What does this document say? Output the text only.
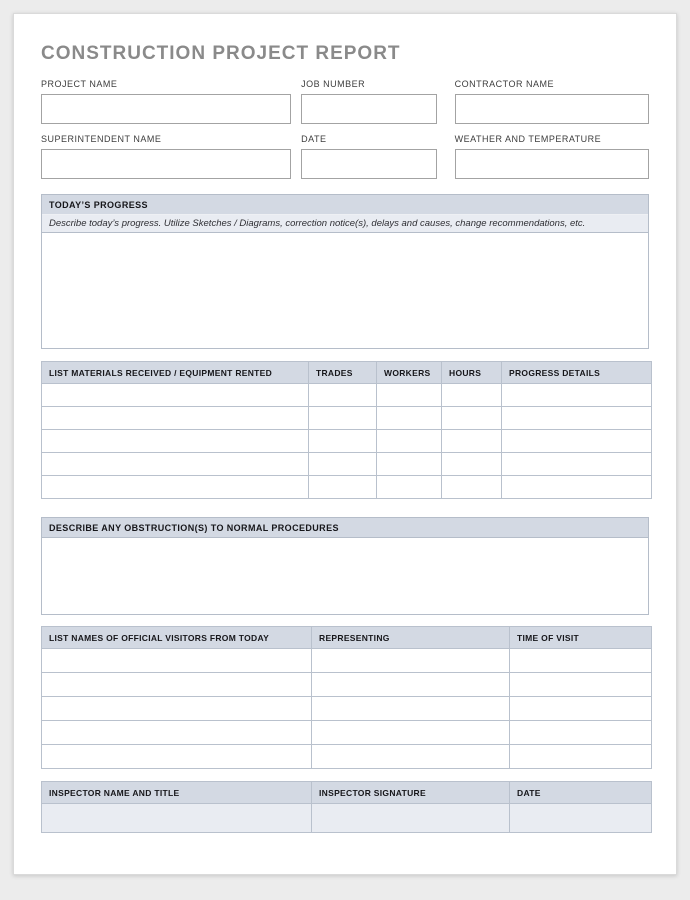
CONSTRUCTION PROJECT REPORT
PROJECT NAME	JOB NUMBER	CONTRACTOR NAME
SUPERINTENDENT NAME	DATE	WEATHER AND TEMPERATURE
TODAY’S PROGRESS
Describe today’s progress. Utilize Sketches / Diagrams, correction notice(s), delays and causes, change recommendations, etc.
LIST MATERIALS RECEIVED / EQUIPMENT RENTED	TRADES	WORKERS	HOURS	PROGRESS DETAILS

DESCRIBE ANY OBSTRUCTION(S) TO NORMAL PROCEDURES
LIST NAMES OF OFFICIAL VISITORS FROM TODAY	REPRESENTING	TIME OF VISIT

INSPECTOR NAME AND TITLE	INSPECTOR SIGNATURE	DATE
